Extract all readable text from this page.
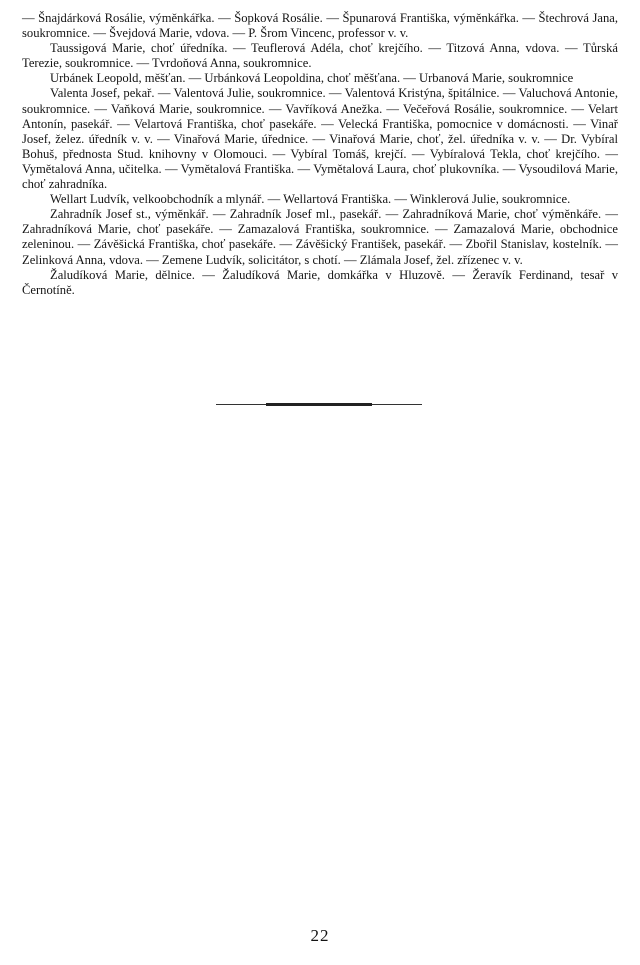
— Šnajdárková Rosálie, výměnkářka. — Šopková Rosálie. — Špunarová Františka, výměnkářka. — Štechrová Jana, soukromnice. — Švejdová Marie, vdova. — P. Šrom Vincenc, professor v. v.

Taussigová Marie, choť úředníka. — Teuflerová Adéla, choť krejčího. — Titzová Anna, vdova. — Tůrská Terezie, soukromnice. — Tvrdoňová Anna, soukromnice.

Urbánek Leopold, měšťan. — Urbánková Leopoldina, choť měšťana. — Urbanová Marie, soukromnice

Valenta Josef, pekař. — Valentová Julie, soukromnice. — Valentová Kristýna, špitálnice. — Valuchová Antonie, soukromnice. — Vaňková Marie, soukromnice. — Vavříková Anežka. — Večeřová Rosálie, soukromnice. — Velart Antonín, pasekář. — Velartová Františka, choť pasekáře. — Velecká Františka, pomocnice v domácnosti. — Vinař Josef, želez. úředník v. v. — Vinařová Marie, úřednice. — Vinařová Marie, choť, žel. úředníka v. v. — Dr. Vybíral Bohuš, přednosta Stud. knihovny v Olomouci. — Vybíral Tomáš, krejčí. — Vybíralová Tekla, choť krejčího. — Vymětalová Anna, učitelka. — Vymětalová Františka. — Vymětalová Laura, choť plukovníka. — Vysoudilová Marie, choť zahradníka.

Wellart Ludvík, velkoobchodník a mlynář. — Wellartová Františka. — Winklerová Julie, soukromnice.

Zahradník Josef st., výměnkář. — Zahradník Josef ml., pasekář. — Zahradníková Marie, choť výměnkáře. — Zahradníková Marie, choť pasekáře. — Zamazalová Františka, soukromnice. — Zamazalová Marie, obchodnice zeleninou. — Závěšická Františka, choť pasekáře. — Závěšický František, pasekář. — Zbořil Stanislav, kostelník. — Zelinková Anna, vdova. — Zemene Ludvík, solicitátor, s chotí. — Zlámala Josef, žel. zřízenec v. v.

Žaludíková Marie, dělnice. — Žaludíková Marie, domkářka v Hluzově. — Žeravík Ferdinand, tesař v Černotíně.

22
